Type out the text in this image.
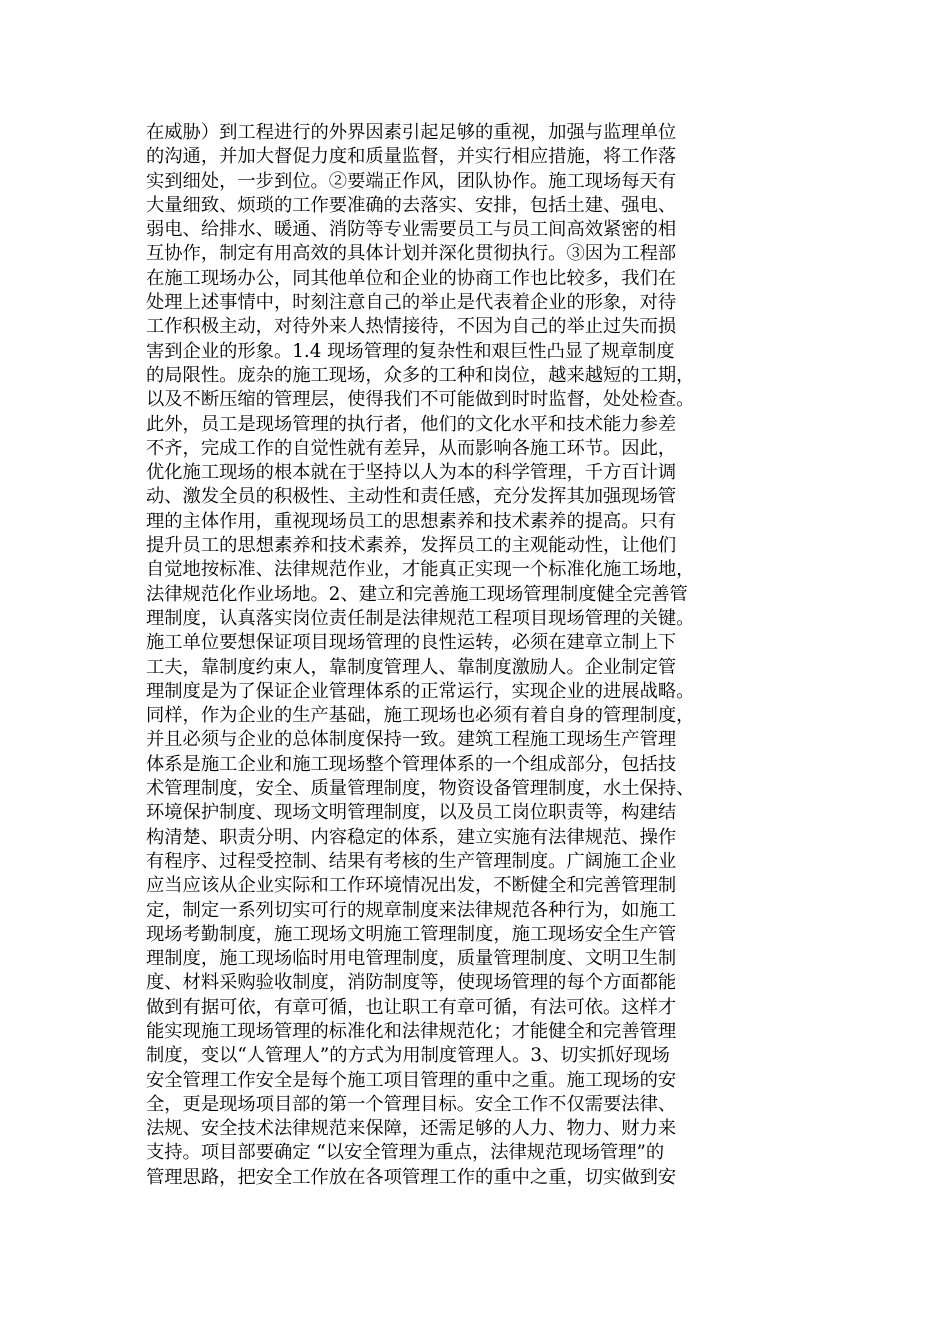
在威胁）到工程进行的外界因素引起足够的重视，加强与监理单位
的沟通，并加大督促力度和质量监督，并实行相应措施，将工作落
实到细处，一步到位。②要端正作风，团队协作。施工现场每天有
大量细致、烦琐的工作要准确的去落实、安排，包括土建、强电、
弱电、给排水、暖通、消防等专业需要员工与员工间高效紧密的相
互协作，制定有用高效的具体计划并深化贯彻执行。③因为工程部
在施工现场办公，同其他单位和企业的协商工作也比较多，我们在
处理上述事情中，时刻注意自己的举止是代表着企业的形象，对待
工作积极主动，对待外来人热情接待，不因为自己的举止过失而损
害到企业的形象。1.4 现场管理的复杂性和艰巨性凸显了规章制度
的局限性。庞杂的施工现场，众多的工种和岗位，越来越短的工期，
以及不断压缩的管理层，使得我们不可能做到时时监督，处处检查。
此外，员工是现场管理的执行者，他们的文化水平和技术能力参差
不齐，完成工作的自觉性就有差异，从而影响各施工环节。因此，
优化施工现场的根本就在于坚持以人为本的科学管理，千方百计调
动、激发全员的积极性、主动性和责任感，充分发挥其加强现场管
理的主体作用，重视现场员工的思想素养和技术素养的提高。只有
提升员工的思想素养和技术素养，发挥员工的主观能动性，让他们
自觉地按标准、法律规范作业，才能真正实现一个标准化施工场地，
法律规范化作业场地。2、建立和完善施工现场管理制度健全完善管
理制度，认真落实岗位责任制是法律规范工程项目现场管理的关键。
施工单位要想保证项目现场管理的良性运转，必须在建章立制上下
工夫，靠制度约束人，靠制度管理人、靠制度激励人。企业制定管
理制度是为了保证企业管理体系的正常运行，实现企业的进展战略。
同样，作为企业的生产基础，施工现场也必须有着自身的管理制度，
并且必须与企业的总体制度保持一致。建筑工程施工现场生产管理
体系是施工企业和施工现场整个管理体系的一个组成部分，包括技
术管理制度，安全、质量管理制度，物资设备管理制度，水土保持、
环境保护制度、现场文明管理制度，以及员工岗位职责等，构建结
构清楚、职责分明、内容稳定的体系，建立实施有法律规范、操作
有程序、过程受控制、结果有考核的生产管理制度。广阔施工企业
应当应该从企业实际和工作环境情况出发，不断健全和完善管理制
定，制定一系列切实可行的规章制度来法律规范各种行为，如施工
现场考勤制度，施工现场文明施工管理制度，施工现场安全生产管
理制度，施工现场临时用电管理制度，质量管理制度、文明卫生制
度、材料采购验收制度，消防制度等，使现场管理的每个方面都能
做到有据可依，有章可循，也让职工有章可循，有法可依。这样才
能实现施工现场管理的标准化和法律规范化；才能健全和完善管理
制度，变以“人管理人”的方式为用制度管理人。3、切实抓好现场
安全管理工作安全是每个施工项目管理的重中之重。施工现场的安
全，更是现场项目部的第一个管理目标。安全工作不仅需要法律、
法规、安全技术法律规范来保障，还需足够的人力、物力、财力来
支持。项目部要确定 “以安全管理为重点，法律规范现场管理”的
管理思路，把安全工作放在各项管理工作的重中之重，切实做到安
